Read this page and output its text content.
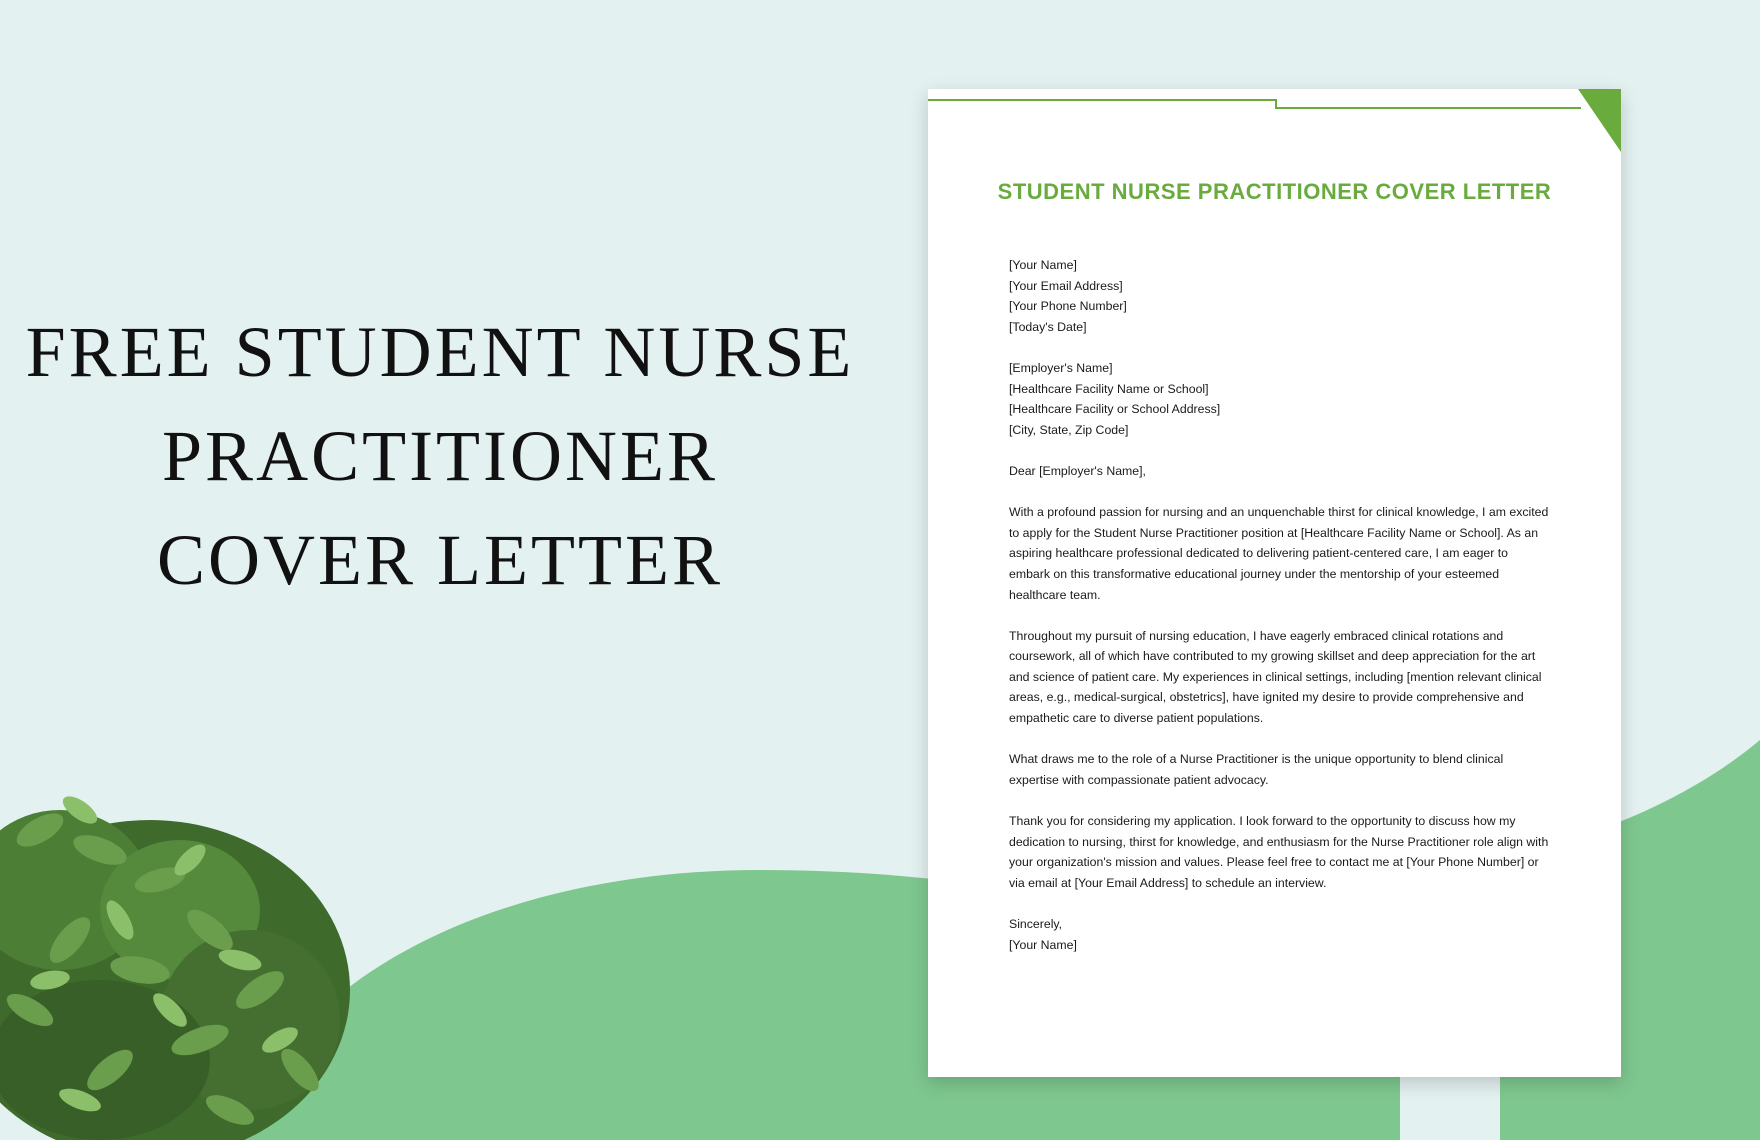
FREE STUDENT NURSE
PRACTITIONER
COVER LETTER
STUDENT NURSE PRACTITIONER COVER LETTER
[Your Name]
[Your Email Address]
[Your Phone Number]
[Today's Date]
[Employer's Name]
[Healthcare Facility Name or School]
[Healthcare Facility or School Address]
[City, State, Zip Code]

Dear [Employer's Name],

With a profound passion for nursing and an unquenchable thirst for clinical knowledge, I am excited to apply for the Student Nurse Practitioner position at [Healthcare Facility Name or School]. As an aspiring healthcare professional dedicated to delivering patient-centered care, I am eager to embark on this transformative educational journey under the mentorship of your esteemed healthcare team.

Throughout my pursuit of nursing education, I have eagerly embraced clinical rotations and coursework, all of which have contributed to my growing skillset and deep appreciation for the art and science of patient care. My experiences in clinical settings, including [mention relevant clinical areas, e.g., medical-surgical, obstetrics], have ignited my desire to provide comprehensive and empathetic care to diverse patient populations.

What draws me to the role of a Nurse Practitioner is the unique opportunity to blend clinical expertise with compassionate patient advocacy.

Thank you for considering my application. I look forward to the opportunity to discuss how my dedication to nursing, thirst for knowledge, and enthusiasm for the Nurse Practitioner role align with your organization's mission and values. Please feel free to contact me at [Your Phone Number] or via email at [Your Email Address] to schedule an interview.

Sincerely,
[Your Name]
